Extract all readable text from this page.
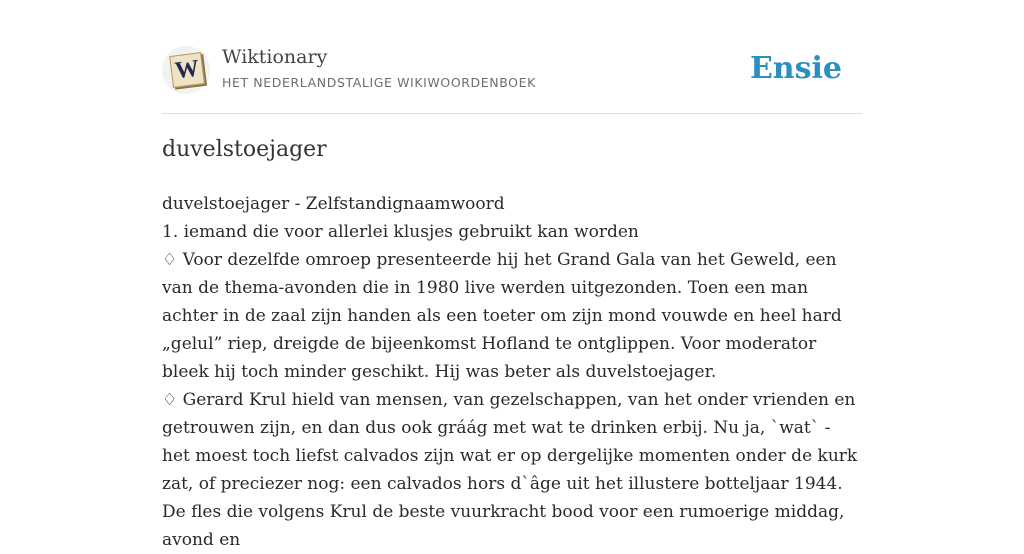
W Wiktionary
HET NEDERLANDSTALIGE WIKIWOORDENBOEK	Ensie
duvelstoejager

duvelstoejager - Zelfstandignaamwoord

1. iemand die voor allerlei klusjes gebruikt kan worden

♢ Voor dezelfde omroep presenteerde hij het Grand Gala van het Geweld, een van de thema-avonden die in 1980 live werden uitgezonden. Toen een man achter in de zaal zijn handen als een toeter om zijn mond vouwde en heel hard „gelul” riep, dreigde de bijeenkomst Hofland te ontglippen. Voor moderator bleek hij toch minder geschikt. Hij was beter als duvelstoejager.

♢ Gerard Krul hield van mensen, van gezelschappen, van het onder vrienden en getrouwen zijn, en dan dus ook gráág met wat te drinken erbij. Nu ja, `wat` - het moest toch liefst calvados zijn wat er op dergelijke momenten onder de kurk zat, of preciezer nog: een calvados hors d`âge uit het illustere botteljaar 1944. De fles die volgens Krul de beste vuurkracht bood voor een rumoerige middag, avond en
